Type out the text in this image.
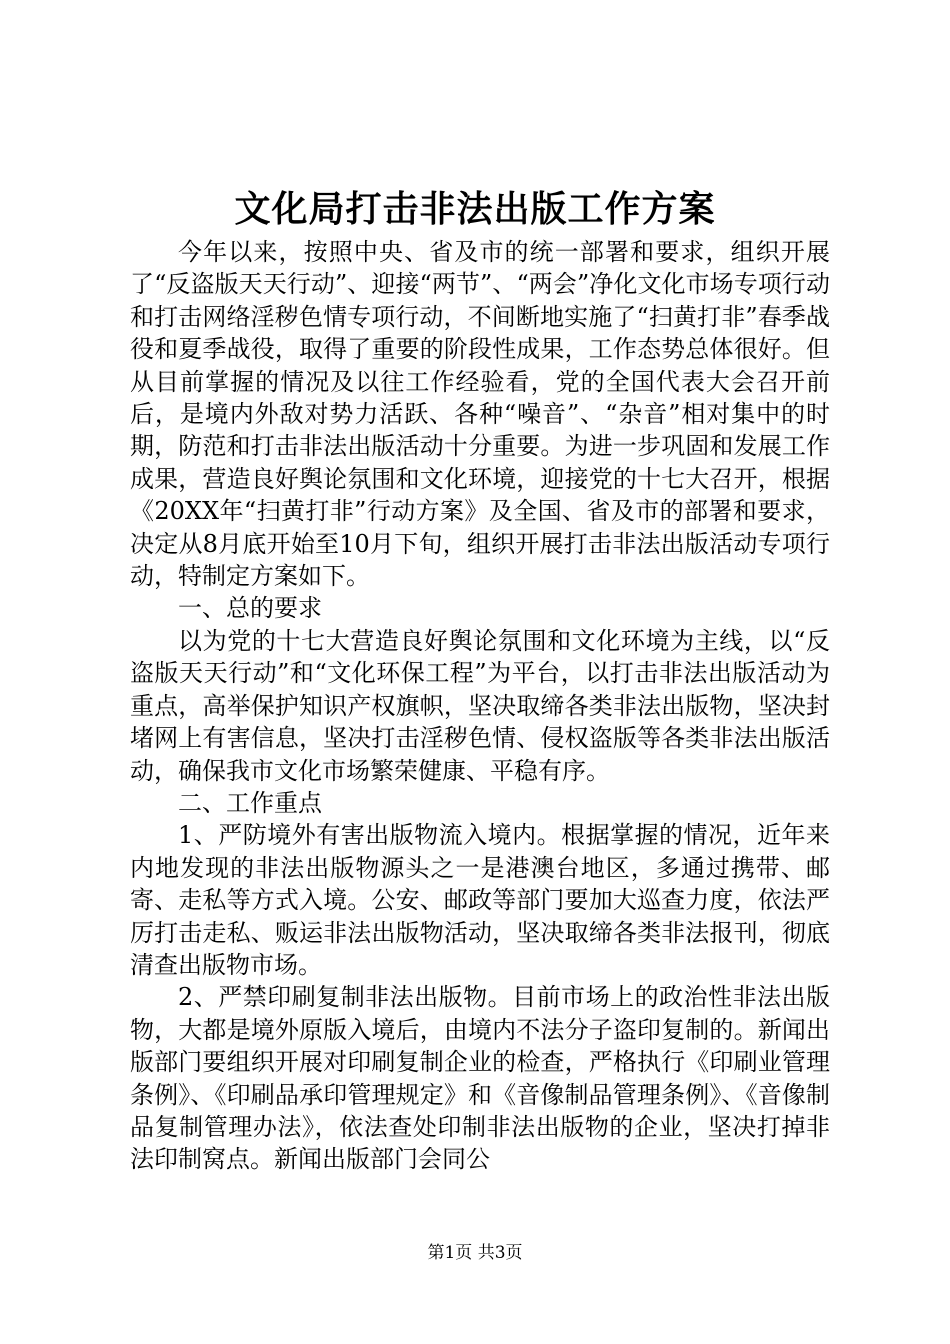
文化局打击非法出版工作方案

今年以来，按照中央、省及市的统一部署和要求，组织开展了“反盗版天天行动”、迎接“两节”、“两会”净化文化市场专项行动和打击网络淫秽色情专项行动，不间断地实施了“扫黄打非”春季战役和夏季战役，取得了重要的阶段性成果，工作态势总体很好。但从目前掌握的情况及以往工作经验看，党的全国代表大会召开前后，是境内外敌对势力活跃、各种“噪音”、“杂音”相对集中的时期，防范和打击非法出版活动十分重要。为进一步巩固和发展工作成果，营造良好舆论氛围和文化环境，迎接党的十七大召开，根据《20XX年“扫黄打非”行动方案》及全国、省及市的部署和要求，决定从8月底开始至10月下旬，组织开展打击非法出版活动专项行动，特制定方案如下。

一、总的要求

以为党的十七大营造良好舆论氛围和文化环境为主线，以“反盗版天天行动”和“文化环保工程”为平台，以打击非法出版活动为重点，高举保护知识产权旗帜，坚决取缔各类非法出版物，坚决封堵网上有害信息，坚决打击淫秽色情、侵权盗版等各类非法出版活动，确保我市文化市场繁荣健康、平稳有序。

二、工作重点

1、严防境外有害出版物流入境内。根据掌握的情况，近年来内地发现的非法出版物源头之一是港澳台地区，多通过携带、邮寄、走私等方式入境。公安、邮政等部门要加大巡查力度，依法严厉打击走私、贩运非法出版物活动，坚决取缔各类非法报刊，彻底清查出版物市场。

2、严禁印刷复制非法出版物。目前市场上的政治性非法出版物，大都是境外原版入境后，由境内不法分子盗印复制的。新闻出版部门要组织开展对印刷复制企业的检查，严格执行《印刷业管理条例》、《印刷品承印管理规定》和《音像制品管理条例》、《音像制品复制管理办法》，依法查处印制非法出版物的企业，坚决打掉非法印制窝点。新闻出版部门会同公

第1页 共3页
